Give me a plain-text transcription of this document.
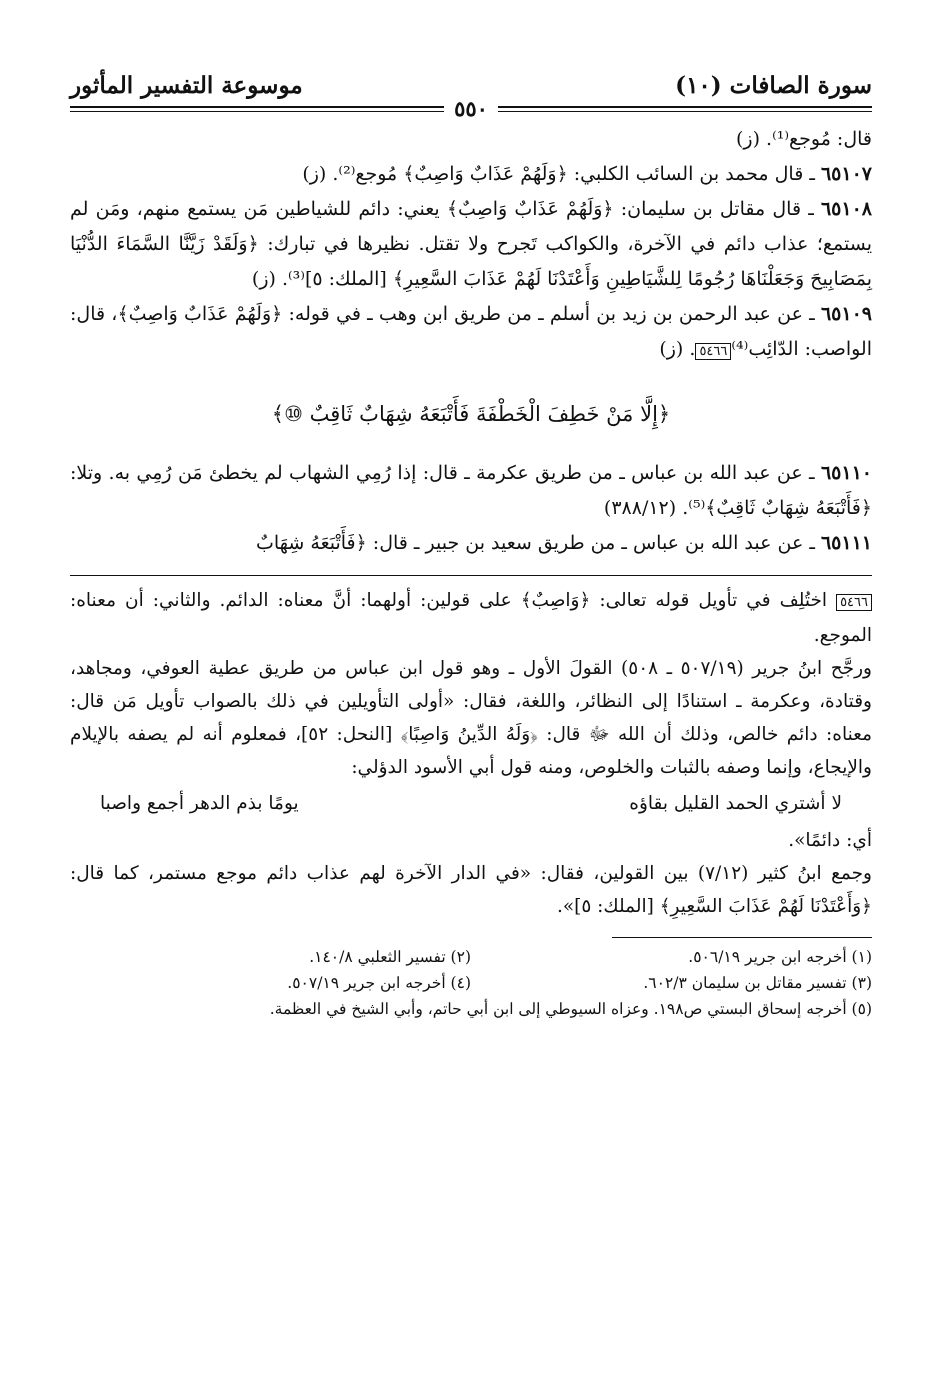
سورة الصافات (١٠)
موسوعة التفسير المأثور
٥٥٠

قال: مُوجع⁽¹⁾. (ز)

٦٥١٠٧ ـ قال محمد بن السائب الكلبي: ﴿وَلَهُمْ عَذَابٌ وَاصِبٌ﴾ مُوجع⁽²⁾. (ز)

٦٥١٠٨ ـ قال مقاتل بن سليمان: ﴿وَلَهُمْ عَذَابٌ وَاصِبٌ﴾ يعني: دائم للشياطين مَن يستمع منهم، ومَن لم يستمع؛ عذاب دائم في الآخرة، والكواكب تَجرح ولا تقتل. نظيرها في تبارك: ﴿وَلَقَدْ زَيَّنَّا السَّمَاءَ الدُّنْيَا بِمَصَابِيحَ وَجَعَلْنَاهَا رُجُومًا لِلشَّيَاطِينِ وَأَعْتَدْنَا لَهُمْ عَذَابَ السَّعِيرِ﴾ [الملك: ٥]⁽³⁾. (ز)

٦٥١٠٩ ـ عن عبد الرحمن بن زيد بن أسلم ـ من طريق ابن وهب ـ في قوله: ﴿وَلَهُمْ عَذَابٌ وَاصِبٌ﴾، قال: الواصب: الدّائِب⁽⁴⁾٥٤٦٦. (ز)

﴿إِلَّا مَنْ خَطِفَ الْخَطْفَةَ فَأَتْبَعَهُ شِهَابٌ ثَاقِبٌ ⑩﴾

٦٥١١٠ ـ عن عبد الله بن عباس ـ من طريق عكرمة ـ قال: إذا رُمِي الشهاب لم يخطئ مَن رُمِي به. وتلا: ﴿فَأَتْبَعَهُ شِهَابٌ ثَاقِبٌ﴾⁽⁵⁾. (٣٨٨/١٢)

٦٥١١١ ـ عن عبد الله بن عباس ـ من طريق سعيد بن جبير ـ قال: ﴿فَأَتْبَعَهُ شِهَابٌ

٥٤٦٦ اختُلِف في تأويل قوله تعالى: ﴿وَاصِبٌ﴾ على قولين: أولهما: أنَّ معناه: الدائم. والثاني: أن معناه: الموجع.

ورجَّح ابنُ جرير (٥٠٧/١٩ ـ ٥٠٨) القولَ الأول ـ وهو قول ابن عباس من طريق عطية العوفي، ومجاهد، وقتادة، وعكرمة ـ استنادًا إلى النظائر، واللغة، فقال: «أولى التأويلين في ذلك بالصواب تأويل مَن قال: معناه: دائم خالص، وذلك أن الله ﷻ قال: ﴿وَلَهُ الدِّينُ وَاصِبًا﴾ [النحل: ٥٢]، فمعلوم أنه لم يصفه بالإيلام والإيجاع، وإنما وصفه بالثبات والخلوص، ومنه قول أبي الأسود الدؤلي:

لا أشتري الحمد القليل بقاؤه
يومًا بذم الدهر أجمع واصبا

أي: دائمًا».

وجمع ابنُ كثير (٧/١٢) بين القولين، فقال: «في الدار الآخرة لهم عذاب دائم موجع مستمر، كما قال: ﴿وَأَعْتَدْنَا لَهُمْ عَذَابَ السَّعِيرِ﴾ [الملك: ٥]».

(١) أخرجه ابن جرير ٥٠٦/١٩.
(٢) تفسير الثعلبي ١٤٠/٨.
(٣) تفسير مقاتل بن سليمان ٦٠٢/٣.
(٤) أخرجه ابن جرير ٥٠٧/١٩.
(٥) أخرجه إسحاق البستي ص١٩٨. وعزاه السيوطي إلى ابن أبي حاتم، وأبي الشيخ في العظمة.
